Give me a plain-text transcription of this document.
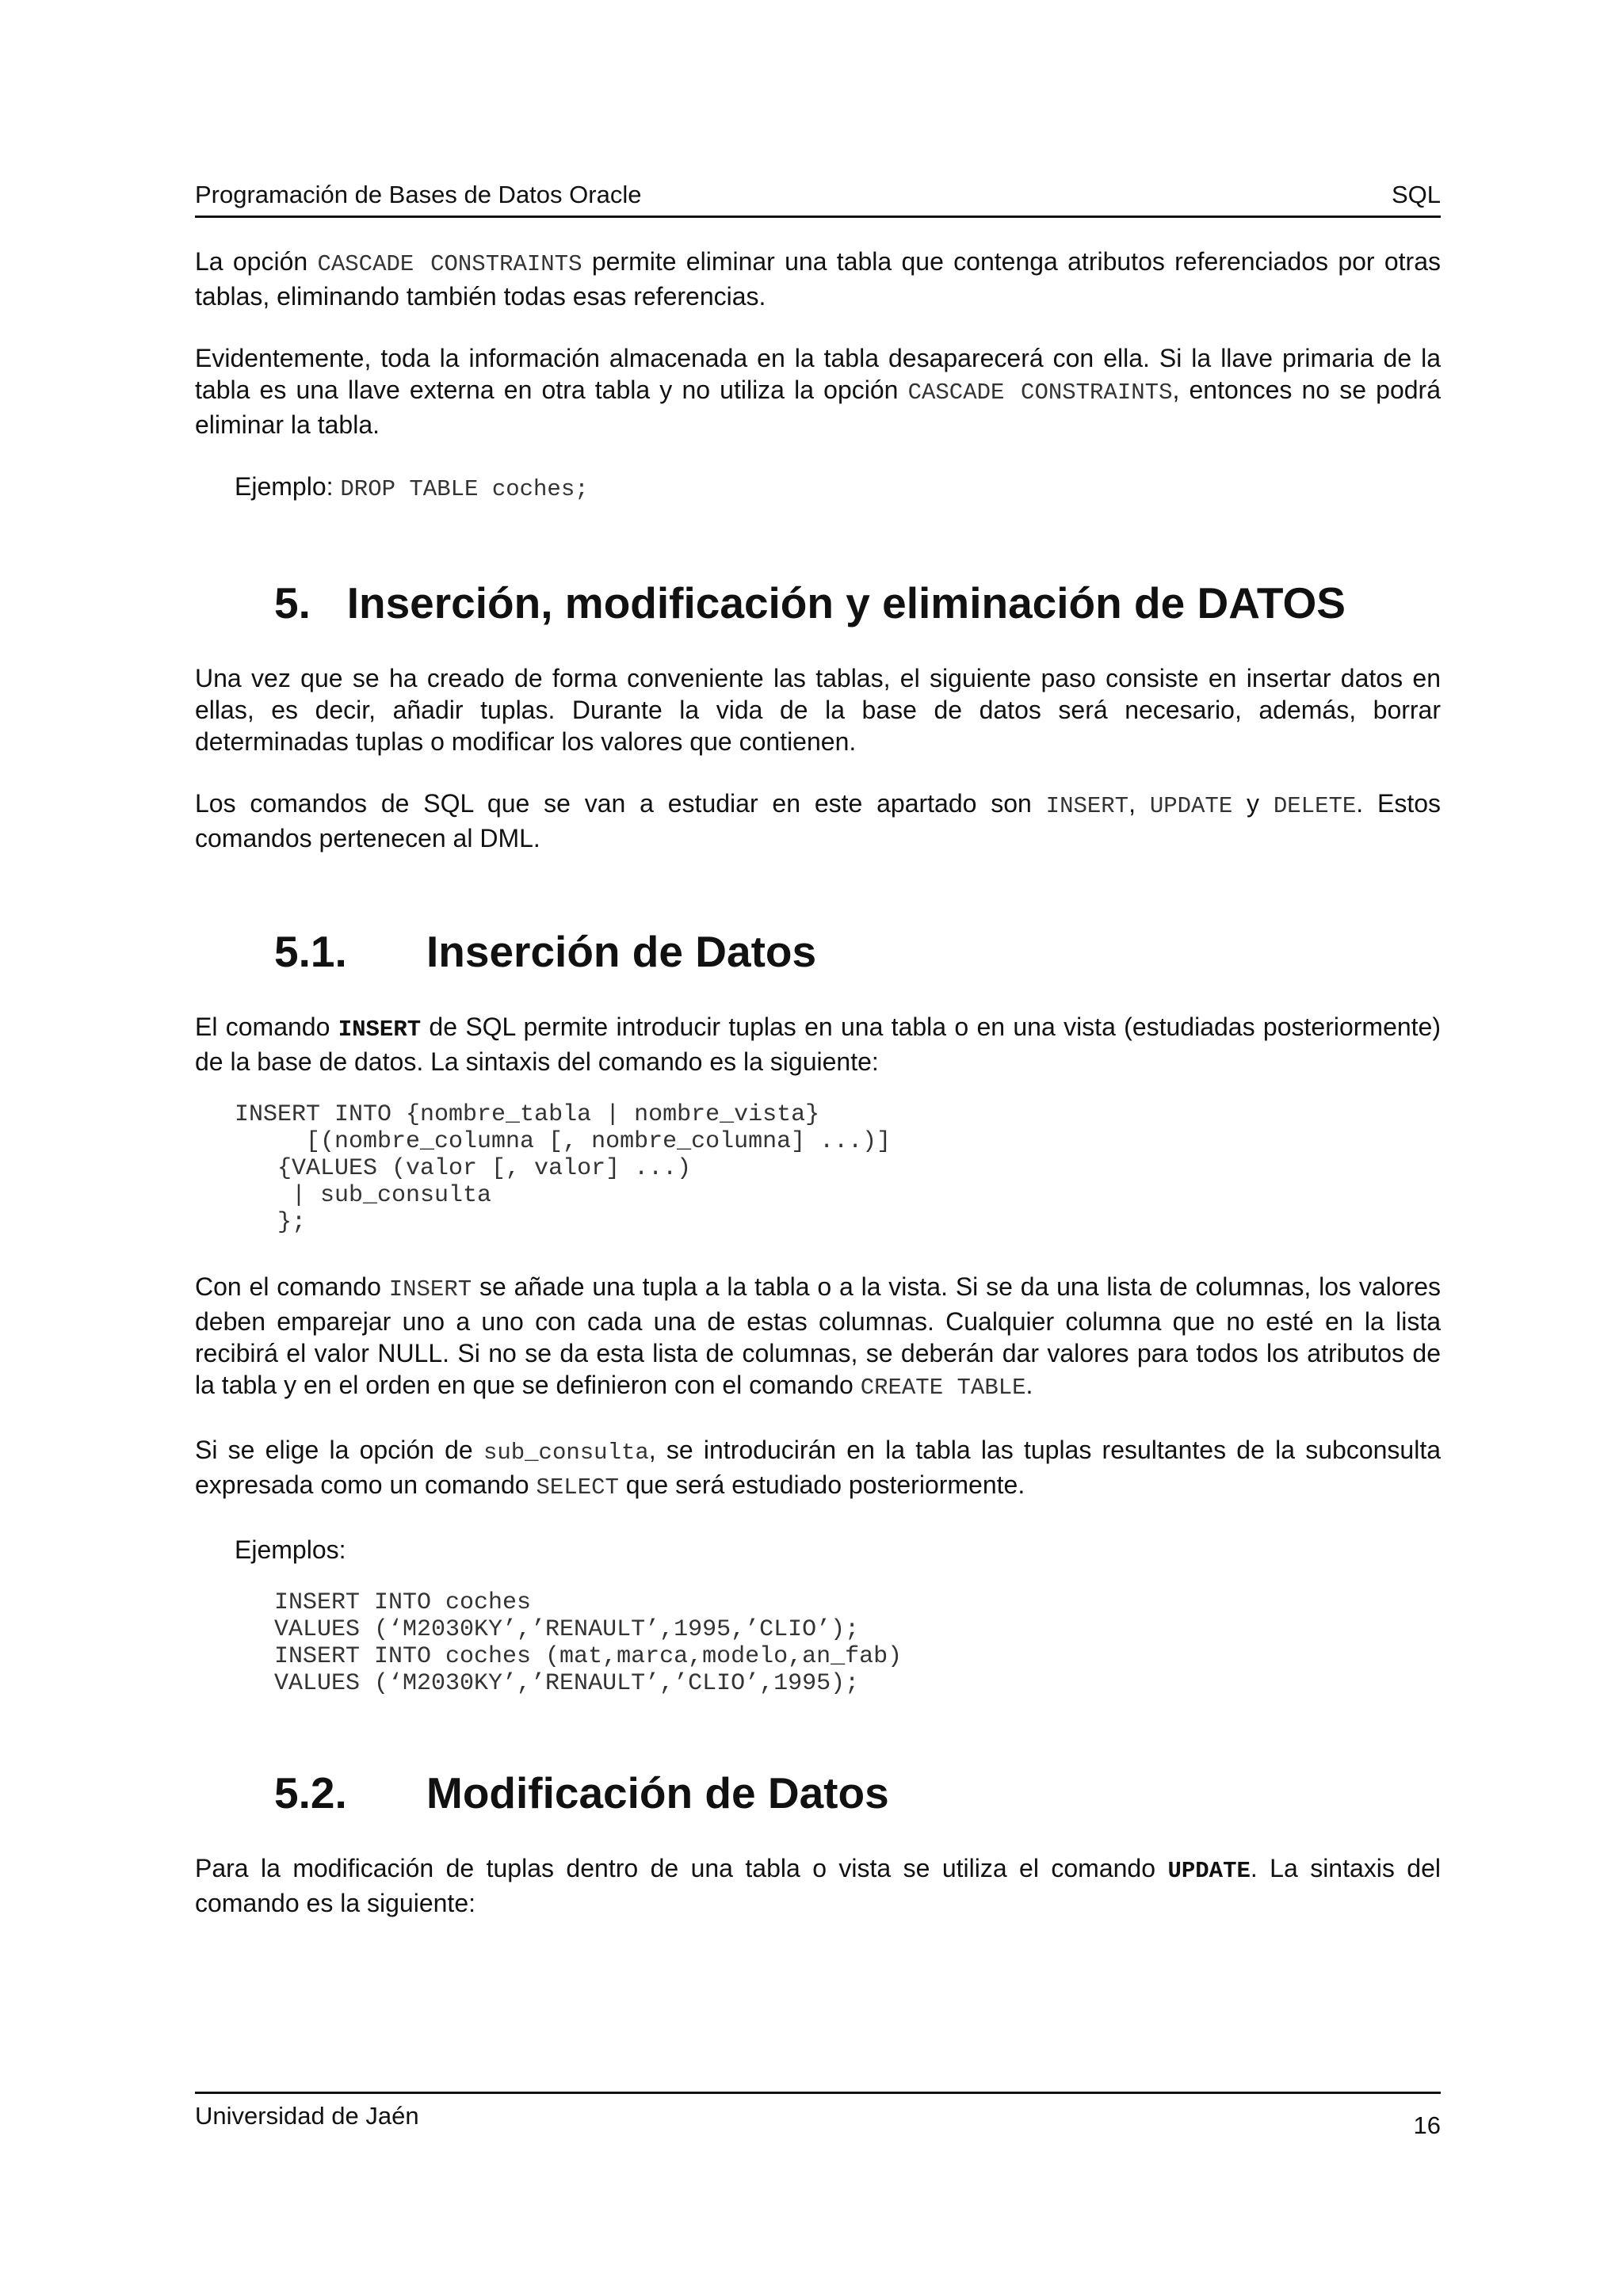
Programación de Bases de Datos Oracle	SQL

La opción CASCADE CONSTRAINTS permite eliminar una tabla que contenga atributos referenciados por otras tablas, eliminando también todas esas referencias.

Evidentemente, toda la información almacenada en la tabla desaparecerá con ella. Si la llave primaria de la tabla es una llave externa en otra tabla y no utiliza la opción CASCADE CONSTRAINTS, entonces no se podrá eliminar la tabla.

Ejemplo: DROP TABLE coches;

5.   Inserción, modificación y eliminación de DATOS

Una vez que se ha creado de forma conveniente las tablas, el siguiente paso consiste en insertar datos en ellas, es decir, añadir tuplas. Durante la vida de la base de datos será necesario, además, borrar determinadas tuplas o modificar los valores que contienen.

Los comandos de SQL que se van a estudiar en este apartado son INSERT, UPDATE y DELETE. Estos comandos pertenecen al DML.

5.1. Inserción de Datos

El comando INSERT de SQL permite introducir tuplas en una tabla o en una vista (estudiadas posteriormente) de la base de datos. La sintaxis del comando es la siguiente:

INSERT INTO {nombre_tabla | nombre_vista}
[(nombre_columna [, nombre_columna] ...)]
{VALUES (valor [, valor] ...)
| sub_consulta
};

Con el comando INSERT se añade una tupla a la tabla o a la vista. Si se da una lista de columnas, los valores deben emparejar uno a uno con cada una de estas columnas. Cualquier columna que no esté en la lista recibirá el valor NULL. Si no se da esta lista de columnas, se deberán dar valores para todos los atributos de la tabla y en el orden en que se definieron con el comando CREATE TABLE.

Si se elige la opción de sub_consulta, se introducirán en la tabla las tuplas resultantes de la subconsulta expresada como un comando SELECT que será estudiado posteriormente.

Ejemplos:

INSERT INTO coches
VALUES (‘M2030KY’,’RENAULT’,1995,’CLIO’);
INSERT INTO coches (mat,marca,modelo,an_fab)
VALUES (‘M2030KY’,’RENAULT’,’CLIO’,1995);
5.2. Modificación de Datos

Para la modificación de tuplas dentro de una tabla o vista se utiliza el comando UPDATE. La sintaxis del comando es la siguiente:

Universidad de Jaén	16
